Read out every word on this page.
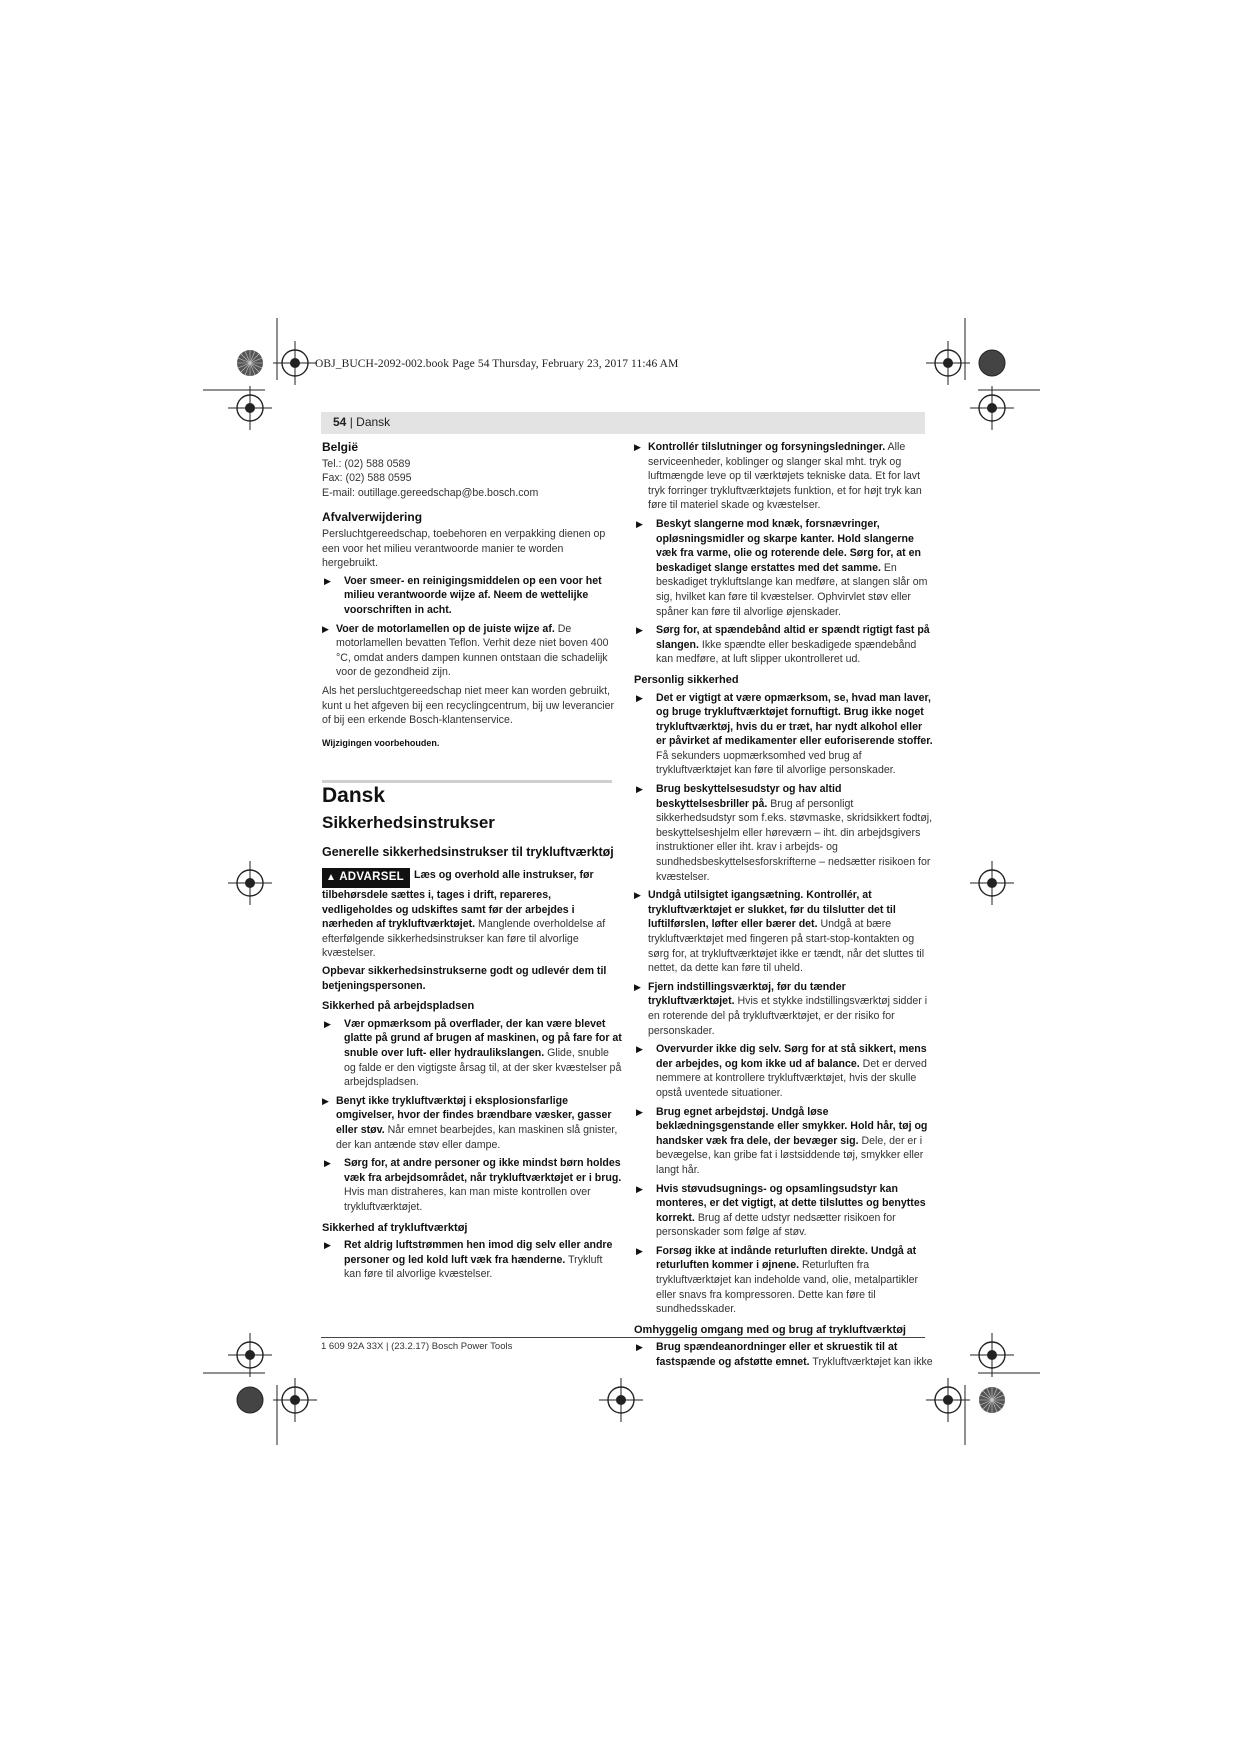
OBJ_BUCH-2092-002.book Page 54 Thursday, February 23, 2017 11:46 AM
54 | Dansk
België
Tel.: (02) 588 0589
Fax: (02) 588 0595
E-mail: outillage.gereedschap@be.bosch.com
Afvalverwijdering

Persluchtgereedschap, toebehoren en verpakking dienen op een voor het milieu verantwoorde manier te worden hergebruikt.

▶ Voer smeer- en reinigingsmiddelen op een voor het milieu verantwoorde wijze af. Neem de wettelijke voorschriften in acht.
▶ Voer de motorlamellen op de juiste wijze af. De motorlamellen bevatten Teflon. Verhit deze niet boven 400 °C, omdat anders dampen kunnen ontstaan die schadelijk voor de gezondheid zijn.

Als het persluchtgereedschap niet meer kan worden gebruikt, kunt u het afgeven bij een recyclingcentrum, bij uw leverancier of bij een erkende Bosch-klantenservice.

Wijzigingen voorbehouden.
Dansk
Sikkerhedsinstrukser
Generelle sikkerhedsinstrukser til trykluftværktøj
▲ ADVARSEL Læs og overhold alle instrukser, før tilbehørsdele sættes i, tages i drift, repareres, vedligeholdes og udskiftes samt før der arbejdes i nærheden af trykluftværktøjet. Manglende overholdelse af efterfølgende sikkerhedsinstrukser kan føre til alvorlige kvæstelser.

Opbevar sikkerhedsinstrukserne godt og udlevér dem til betjeningspersonen.

Sikkerhed på arbejdspladsen
▶ Vær opmærksom på overflader, der kan være blevet glatte på grund af brugen af maskinen, og på fare for at snuble over luft- eller hydraulikslangen. Glide, snuble og falde er den vigtigste årsag til, at der sker kvæstelser på arbejdspladsen.
▶ Benyt ikke trykluftværktøj i eksplosionsfarlige omgivelser, hvor der findes brændbare væsker, gasser eller støv. Når emnet bearbejdes, kan maskinen slå gnister, der kan antænde støv eller dampe.
▶ Sørg for, at andre personer og ikke mindst børn holdes væk fra arbejdsområdet, når trykluftværktøjet er i brug. Hvis man distraheres, kan man miste kontrollen over trykluftværktøjet.
Sikkerhed af trykluftværktøj
▶ Ret aldrig luftstrømmen hen imod dig selv eller andre personer og led kold luft væk fra hænderne. Trykluft kan føre til alvorlige kvæstelser.
▶ Kontrollér tilslutninger og forsyningsledninger. Alle serviceenheder, koblinger og slanger skal mht. tryk og luftmængde leve op til værktøjets tekniske data. Et for lavt tryk forringer trykluftværktøjets funktion, et for højt tryk kan føre til materiel skade og kvæstelser.
▶ Beskyt slangerne mod knæk, forsnævringer, opløsningsmidler og skarpe kanter. Hold slangerne væk fra varme, olie og roterende dele. Sørg for, at en beskadiget slange erstattes med det samme. En beskadiget trykluftslange kan medføre, at slangen slår om sig, hvilket kan føre til kvæstelser. Ophvirvlet støv eller spåner kan føre til alvorlige øjenskader.
▶ Sørg for, at spændebånd altid er spændt rigtigt fast på slangen. Ikke spændte eller beskadigede spændebånd kan medføre, at luft slipper ukontrolleret ud.
Personlig sikkerhed
▶ Det er vigtigt at være opmærksom, se, hvad man laver, og bruge trykluftværktøjet fornuftigt. Brug ikke noget trykluftværktøj, hvis du er træt, har nydt alkohol eller er påvirket af medikamenter eller euforiserende stoffer. Få sekunders uopmærksomhed ved brug af trykluftværktøjet kan føre til alvorlige personskader.
▶ Brug beskyttelsesudstyr og hav altid beskyttelsesbriller på. Brug af personligt sikkerhedsudstyr som f.eks. støvmaske, skridsikkert fodtøj, beskyttelseshjelm eller høreværn – iht. din arbejdsgivers instruktioner eller iht. krav i arbejds- og sundhedsbeskyttelsesforskrifterne – nedsætter risikoen for kvæstelser.
▶ Undgå utilsigtet igangsætning. Kontrollér, at trykluftværktøjet er slukket, før du tilslutter det til luftilførslen, løfter eller bærer det. Undgå at bære trykluftværktøjet med fingeren på start-stop-kontakten og sørg for, at trykluftværktøjet ikke er tændt, når det sluttes til nettet, da dette kan føre til uheld.
▶ Fjern indstillingsværktøj, før du tænder trykluftværktøjet. Hvis et stykke indstillingsværktøj sidder i en roterende del på trykluftværktøjet, er der risiko for personskader.
▶ Overvurder ikke dig selv. Sørg for at stå sikkert, mens der arbejdes, og kom ikke ud af balance. Det er derved nemmere at kontrollere trykluftværktøjet, hvis der skulle opstå uventede situationer.
▶ Brug egnet arbejdstøj. Undgå løse beklædningsgenstande eller smykker. Hold hår, tøj og handsker væk fra dele, der bevæger sig. Dele, der er i bevægelse, kan gribe fat i løstsiddende tøj, smykker eller langt hår.
▶ Hvis støvudsugnings- og opsamlingsudstyr kan monteres, er det vigtigt, at dette tilsluttes og benyttes korrekt. Brug af dette udstyr nedsætter risikoen for personskader som følge af støv.
▶ Forsøg ikke at indånde returluften direkte. Undgå at returluften kommer i øjnene. Returluften fra trykluftværktøjet kan indeholde vand, olie, metalpartikler eller snavs fra kompressoren. Dette kan føre til sundhedsskader.
Omhyggelig omgang med og brug af trykluftværktøj
▶ Brug spændeanordninger eller et skruestik til at fastspænde og afstøtte emnet. Trykluftværktøjet kan ikke
1 609 92A 33X | (23.2.17) Bosch Power Tools
